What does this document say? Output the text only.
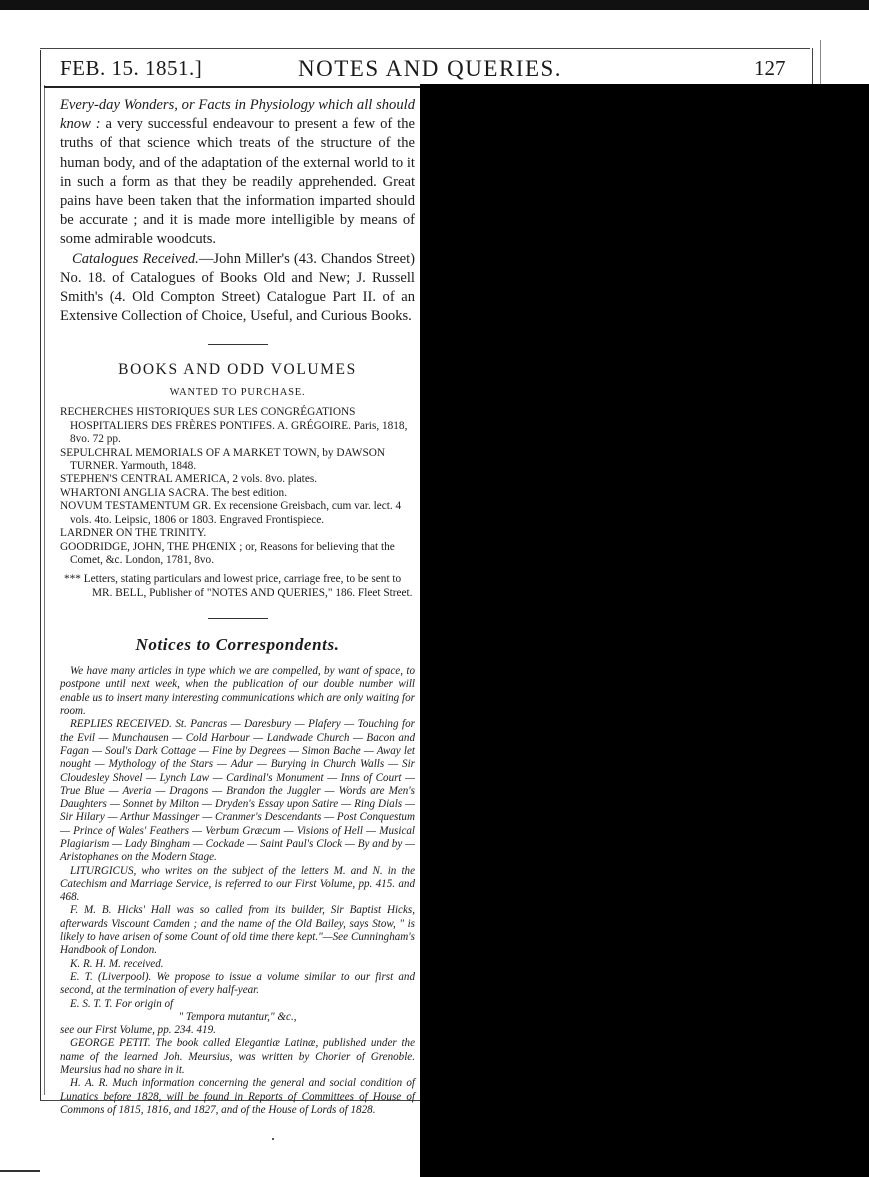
FEB. 15. 1851.]	NOTES AND QUERIES.	127

Every-day Wonders, or Facts in Physiology which all should know : a very successful endeavour to present a few of the truths of that science which treats of the structure of the human body, and of the adaptation of the external world to it in such a form as that they be readily apprehended. Great pains have been taken that the information imparted should be accurate ; and it is made more intelligible by means of some admirable woodcuts.

Catalogues Received.—John Miller's (43. Chandos Street) No. 18. of Catalogues of Books Old and New; J. Russell Smith's (4. Old Compton Street) Catalogue Part II. of an Extensive Collection of Choice, Useful, and Curious Books.

BOOKS AND ODD VOLUMES

WANTED TO PURCHASE.

RECHERCHES HISTORIQUES SUR LES CONGRÉGATIONS HOSPITALIERS DES FRÈRES PONTIFES. A. GRÉGOIRE. Paris, 1818, 8vo. 72 pp.

SEPULCHRAL MEMORIALS OF A MARKET TOWN, by DAWSON TURNER. Yarmouth, 1848.

STEPHEN'S CENTRAL AMERICA, 2 vols. 8vo. plates.

WHARTONI ANGLIA SACRA. The best edition.

NOVUM TESTAMENTUM GR. Ex recensione Greisbach, cum var. lect. 4 vols. 4to. Leipsic, 1806 or 1803. Engraved Frontispiece.

LARDNER ON THE TRINITY.

GOODRIDGE, JOHN, THE PHŒNIX ; or, Reasons for believing that the Comet, &c. London, 1781, 8vo.

*** Letters, stating particulars and lowest price, carriage free, to be sent to MR. BELL, Publisher of "NOTES AND QUERIES," 186. Fleet Street.

Notices to Correspondents.

We have many articles in type which we are compelled, by want of space, to postpone until next week, when the publication of our double number will enable us to insert many interesting communications which are only waiting for room.

REPLIES RECEIVED. St. Pancras — Daresbury — Plafery — Touching for the Evil — Munchausen — Cold Harbour — Landwade Church — Bacon and Fagan — Soul's Dark Cottage — Fine by Degrees — Simon Bache — Away let nought — Mythology of the Stars — Adur — Burying in Church Walls — Sir Cloudesley Shovel — Lynch Law — Cardinal's Monument — Inns of Court — True Blue — Averia — Dragons — Brandon the Juggler — Words are Men's Daughters — Sonnet by Milton — Dryden's Essay upon Satire — Ring Dials — Sir Hilary — Arthur Massinger — Cranmer's Descendants — Post Conquestum — Prince of Wales' Feathers — Verbum Græcum — Visions of Hell — Musical Plagiarism — Lady Bingham — Cockade — Saint Paul's Clock — By and by — Aristophanes on the Modern Stage.

LITURGICUS, who writes on the subject of the letters M. and N. in the Catechism and Marriage Service, is referred to our First Volume, pp. 415. and 468.

F. M. B. Hicks' Hall was so called from its builder, Sir Baptist Hicks, afterwards Viscount Camden ; and the name of the Old Bailey, says Stow, " is likely to have arisen of some Count of old time there kept."—See Cunningham's Handbook of London.

K. R. H. M. received.

E. T. (Liverpool). We propose to issue a volume similar to our first and second, at the termination of every half-year.

E. S. T. T. For origin of

" Tempora mutantur," &c.,

see our First Volume, pp. 234. 419.

GEORGE PETIT. The book called Elegantiæ Latinæ, published under the name of the learned Joh. Meursius, was written by Chorier of Grenoble. Meursius had no share in it.

H. A. R. Much information concerning the general and social condition of Lunatics before 1828, will be found in Reports of Committees of House of Commons of 1815, 1816, and 1827, and of the House of Lords of 1828.
